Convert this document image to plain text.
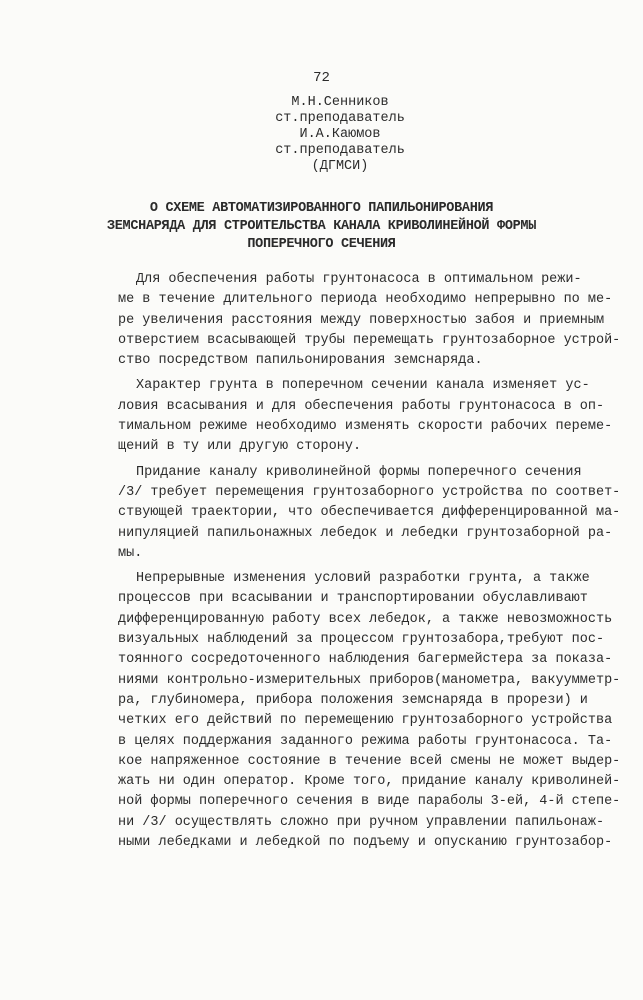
72
М.Н.Сенников
ст.преподаватель
И.А.Каюмов
ст.преподаватель
(ДГМСИ)
О СХЕМЕ АВТОМАТИЗИРОВАННОГО ПАПИЛЬОНИРОВАНИЯ
ЗЕМСНАРЯДА ДЛЯ СТРОИТЕЛЬСТВА КАНАЛА КРИВОЛИНЕЙНОЙ ФОРМЫ
ПОПЕРЕЧНОГО СЕЧЕНИЯ
Для обеспечения работы грунтонасоса в оптимальном режи-
ме в течение длительного периода необходимо непрерывно по ме-
ре увеличения расстояния между поверхностью забоя и приемным
отверстием всасывающей трубы перемещать грунтозаборное устрой-
ство посредством папильонирования земснаряда.
Характер грунта в поперечном сечении канала изменяет ус-
ловия всасывания и для обеспечения работы грунтонасоса в оп-
тимальном режиме необходимо изменять скорости рабочих переме-
щений в ту или другую сторону.
Придание каналу криволинейной формы поперечного сечения
/3/ требует перемещения грунтозаборного устройства по соответ-
ствующей траектории, что обеспечивается дифференцированной ма-
нипуляцией папильонажных лебедок и лебедки грунтозаборной ра-
мы.
Непрерывные изменения условий разработки грунта, а также
процессов при всасывании и транспортировании обуславливают
дифференцированную работу всех лебедок, а также невозможность
визуальных наблюдений за процессом грунтозабора,требуют пос-
тоянного сосредоточенного наблюдения багермейстера за показа-
ниями контрольно-измерительных приборов(манометра, вакуумметр-
ра, глубиномера, прибора положения земснаряда в прорези) и
четких его действий по перемещению грунтозаборного устройства
в целях поддержания заданного режима работы грунтонасоса. Та-
кое напряженное состояние в течение всей смены не может выдер-
жать ни один оператор. Кроме того, придание каналу криволиней-
ной формы поперечного сечения в виде параболы 3-ей, 4-й степе-
ни /3/ осуществлять сложно при ручном управлении папильонаж-
ными лебедками и лебедкой по подъему и опусканию грунтозабор-
